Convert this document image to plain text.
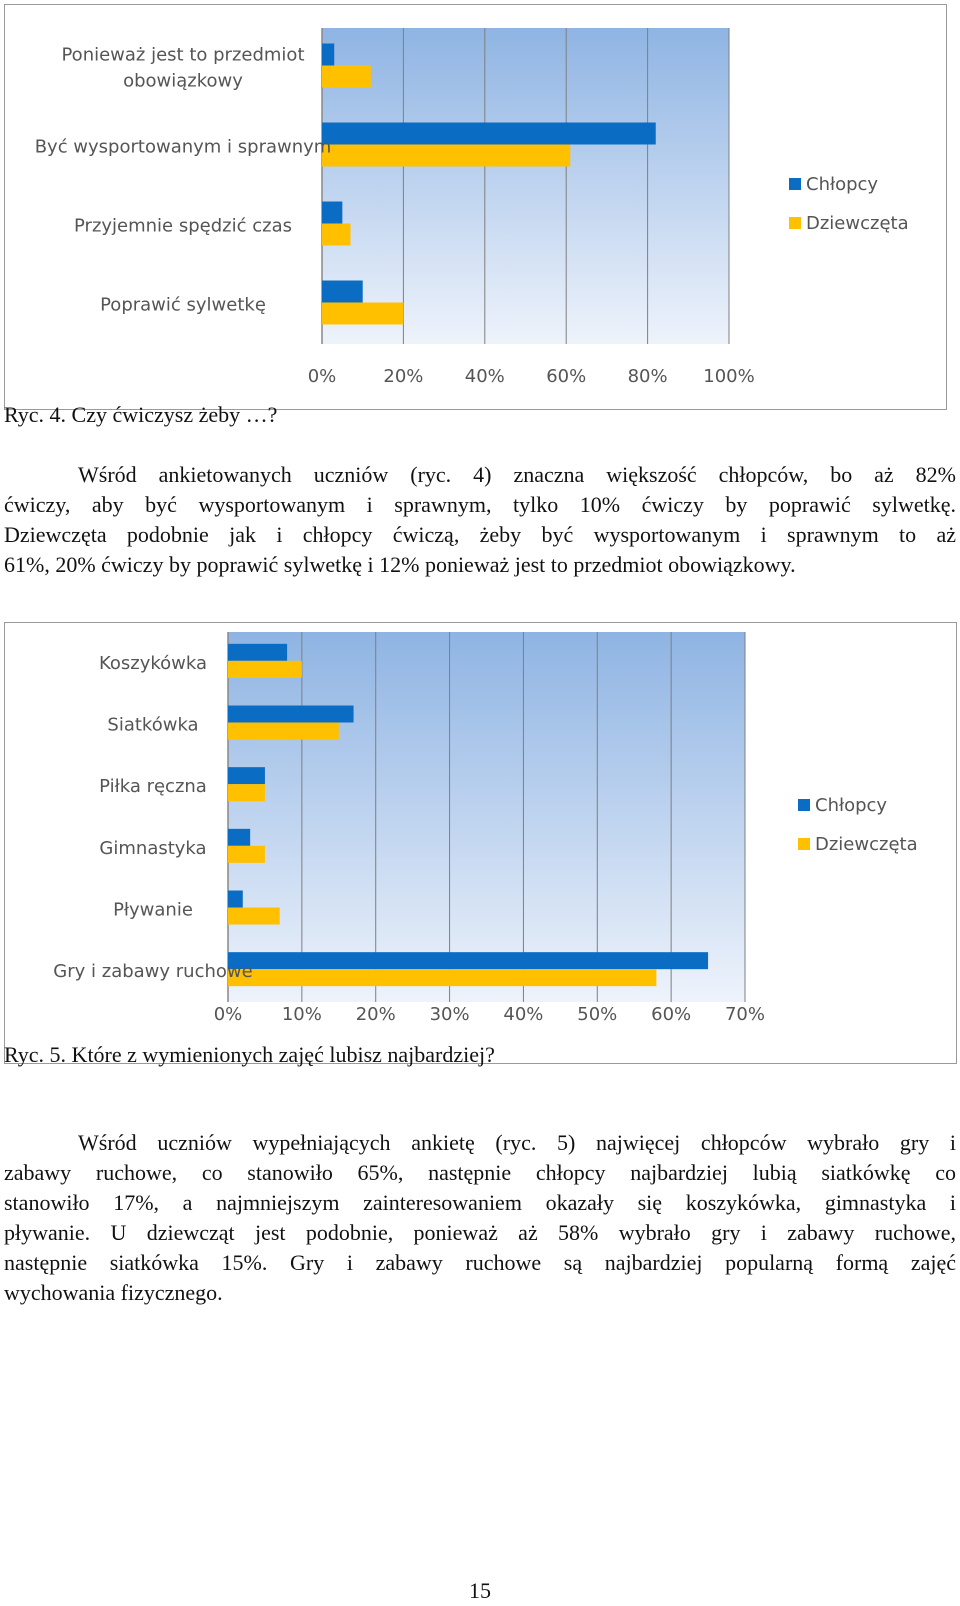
0%	20% 40% 60% 80% 100%
Ponieważ jest to przedmiot
obowiązkowy
Być wysportowanym i sprawnym
Przyjemnie spędzić czas
Poprawić sylwetkę
Chłopcy
Dziewczęta

Ryc. 4. Czy ćwiczysz żeby …?

Wśród ankietowanych uczniów (ryc. 4) znaczna większość chłopców, bo aż 82%
ćwiczy, aby być wysportowanym i sprawnym, tylko 10% ćwiczy by poprawić sylwetkę.
Dziewczęta podobnie jak i chłopcy ćwiczą, żeby być wysportowanym i sprawnym to aż
61%, 20% ćwiczy by poprawić sylwetkę i 12% ponieważ jest to przedmiot obowiązkowy.
0% 10% 20% 30% 40% 50% 60% 70%
Koszykówka
Siatkówka
Piłka ręczna
Gimnastyka
Pływanie
Gry i zabawy ruchowe
Chłopcy
Dziewczęta

Ryc. 5. Które z wymienionych zajęć lubisz najbardziej?

Wśród uczniów wypełniających ankietę (ryc. 5) najwięcej chłopców wybrało gry i
zabawy ruchowe, co stanowiło 65%, następnie chłopcy najbardziej lubią siatkówkę co
stanowiło 17%, a najmniejszym zainteresowaniem okazały się koszykówka, gimnastyka i
pływanie. U dziewcząt jest podobnie, ponieważ aż 58% wybrało gry i zabawy ruchowe,
następnie siatkówka 15%. Gry i zabawy ruchowe są najbardziej popularną formą zajęć
wychowania fizycznego.
15
